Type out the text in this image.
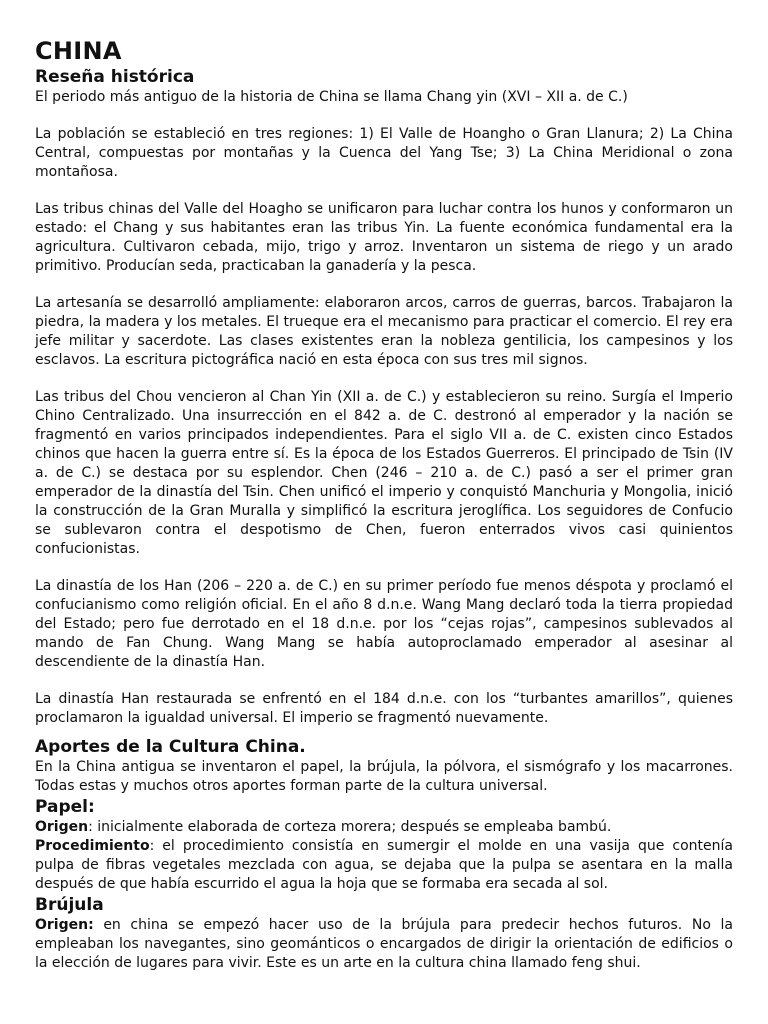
CHINA
Reseña histórica

El periodo más antiguo de la historia de China se llama Chang yin (XVI – XII a. de C.)

La población se estableció en tres regiones: 1) El Valle de Hoangho o Gran Llanura; 2) La China Central, compuestas por montañas y la Cuenca del Yang Tse; 3) La China Meridional o zona montañosa.

Las tribus chinas del Valle del Hoagho se unificaron para luchar contra los hunos y conformaron un estado: el Chang y sus habitantes eran las tribus Yin. La fuente económica fundamental era la agricultura. Cultivaron cebada, mijo, trigo y arroz. Inventaron un sistema de riego y un arado primitivo. Producían seda, practicaban la ganadería y la pesca.

La artesanía se desarrolló ampliamente: elaboraron arcos, carros de guerras, barcos. Trabajaron la piedra, la madera y los metales. El trueque era el mecanismo para practicar el comercio. El rey era jefe militar y sacerdote. Las clases existentes eran la nobleza gentilicia, los campesinos y los esclavos. La escritura pictográfica nació en esta época con sus tres mil signos.

Las tribus del Chou vencieron al Chan Yin (XII a. de C.) y establecieron su reino. Surgía el Imperio Chino Centralizado. Una insurrección en el 842 a. de C. destronó al emperador y la nación se fragmentó en varios principados independientes. Para el siglo VII a. de C. existen cinco Estados chinos que hacen la guerra entre sí. Es la época de los Estados Guerreros. El principado de Tsin (IV a. de C.) se destaca por su esplendor. Chen (246 – 210 a. de C.) pasó a ser el primer gran emperador de la dinastía del Tsin. Chen unificó el imperio y conquistó Manchuria y Mongolia, inició la construcción de la Gran Muralla y simplificó la escritura jeroglífica. Los seguidores de Confucio se sublevaron contra el despotismo de Chen, fueron enterrados vivos casi quinientos confucionistas.

La dinastía de los Han (206 – 220 a. de C.) en su primer período fue menos déspota y proclamó el confucianismo como religión oficial. En el año 8 d.n.e. Wang Mang declaró toda la tierra propiedad del Estado; pero fue derrotado en el 18 d.n.e. por los “cejas rojas”, campesinos sublevados al mando de Fan Chung. Wang Mang se había autoproclamado emperador al asesinar al descendiente de la dinastía Han.

La dinastía Han restaurada se enfrentó en el 184 d.n.e. con los “turbantes amarillos”, quienes proclamaron la igualdad universal. El imperio se fragmentó nuevamente.

Aportes de la Cultura China.

En la China antigua se inventaron el papel, la brújula, la pólvora, el sismógrafo y los macarrones. Todas estas y muchos otros aportes forman parte de la cultura universal.

Papel:

Origen: inicialmente elaborada de corteza morera; después se empleaba bambú.

Procedimiento: el procedimiento consistía en sumergir el molde en una vasija que contenía pulpa de fibras vegetales mezclada con agua, se dejaba que la pulpa se asentara en la malla después de que había escurrido el agua la hoja que se formaba era secada al sol.

Brújula

Origen: en china se empezó hacer uso de la brújula para predecir hechos futuros. No la empleaban los navegantes, sino geománticos o encargados de dirigir la orientación de edificios o la elección de lugares para vivir. Este es un arte en la cultura china llamado feng shui.
